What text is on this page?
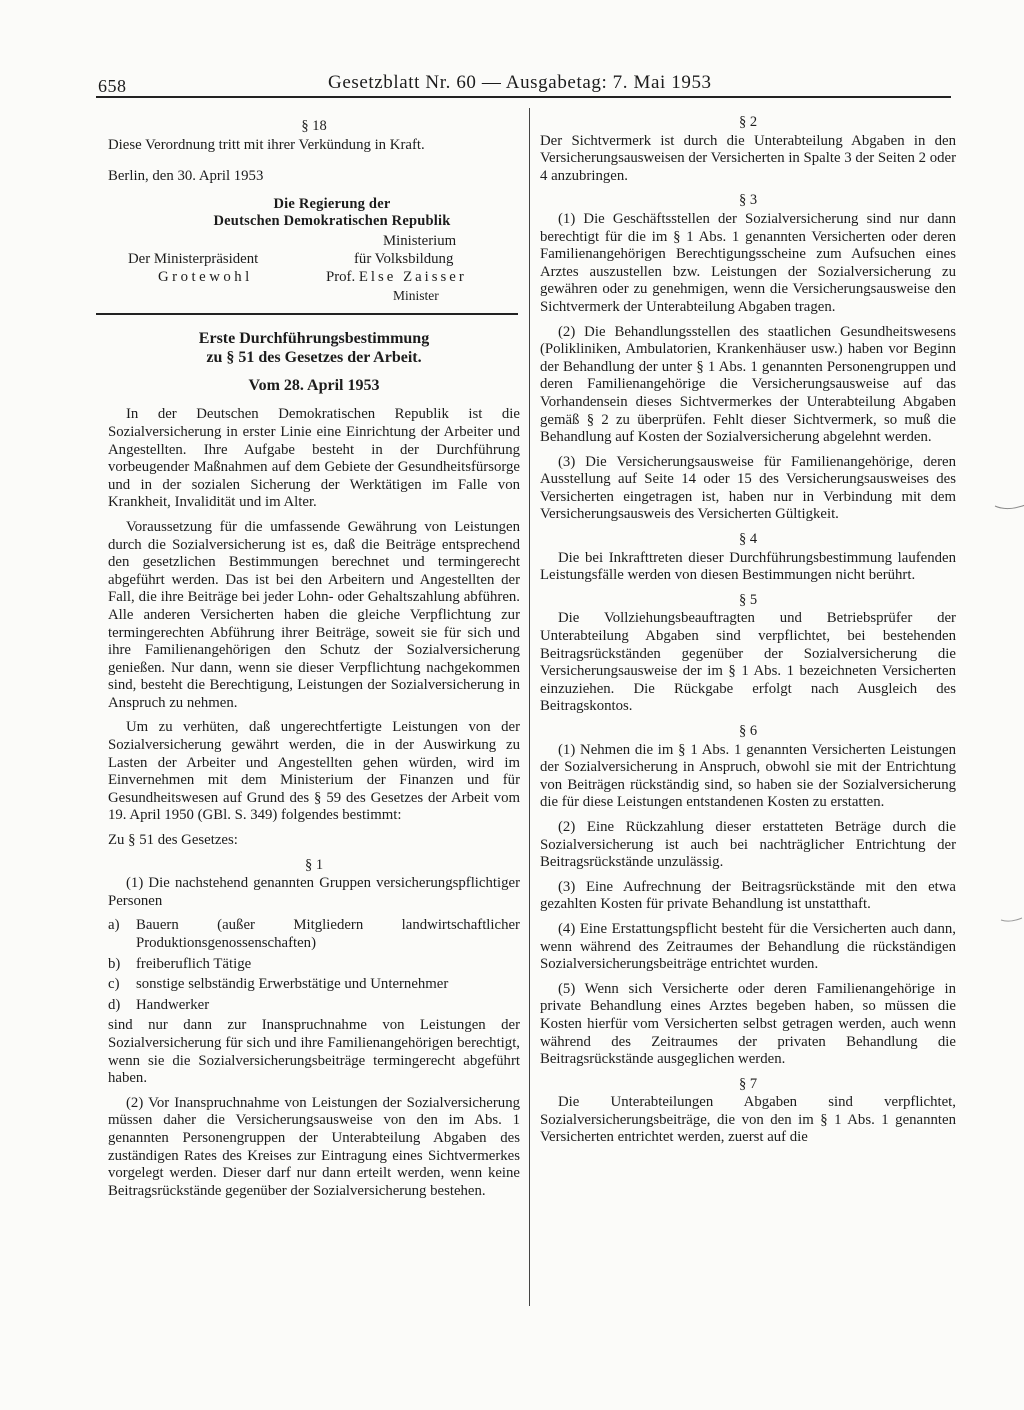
658	Gesetzblatt Nr. 60 — Ausgabetag: 7. Mai 1953
§ 18

Diese Verordnung tritt mit ihrer Verkündung in Kraft.

Berlin, den 30. April 1953

Die Regierung der
Deutschen Demokratischen Republik
Der Ministerpräsident
Grotewohl
Ministerium
für Volksbildung
Prof. Else Zaisser
Minister

Erste Durchführungsbestimmung

zu § 51 des Gesetzes der Arbeit.

Vom 28. April 1953

In der Deutschen Demokratischen Republik ist die Sozialversicherung in erster Linie eine Einrichtung der Arbeiter und Angestellten. Ihre Aufgabe besteht in der Durchführung vorbeugender Maßnahmen auf dem Gebiete der Gesundheitsfürsorge und in der sozialen Sicherung der Werktätigen im Falle von Krankheit, Invalidität und im Alter.

Voraussetzung für die umfassende Gewährung von Leistungen durch die Sozialversicherung ist es, daß die Beiträge entsprechend den gesetzlichen Bestimmungen berechnet und termingerecht abgeführt werden. Das ist bei den Arbeitern und Angestellten der Fall, die ihre Beiträge bei jeder Lohn- oder Gehaltszahlung abführen. Alle anderen Versicherten haben die gleiche Verpflichtung zur termingerechten Abführung ihrer Beiträge, soweit sie für sich und ihre Familienangehörigen den Schutz der Sozialversicherung genießen. Nur dann, wenn sie dieser Verpflichtung nachgekommen sind, besteht die Berechtigung, Leistungen der Sozialversicherung in Anspruch zu nehmen.

Um zu verhüten, daß ungerechtfertigte Leistungen von der Sozialversicherung gewährt werden, die in der Auswirkung zu Lasten der Arbeiter und Angestellten gehen würden, wird im Einvernehmen mit dem Ministerium der Finanzen und für Gesundheitswesen auf Grund des § 59 des Gesetzes der Arbeit vom 19. April 1950 (GBl. S. 349) folgendes bestimmt:

Zu § 51 des Gesetzes:

§ 1

(1) Die nachstehend genannten Gruppen versicherungspflichtiger Personen

a) Bauern (außer Mitgliedern landwirtschaftlicher Produktionsgenossenschaften)

b) freiberuflich Tätige

c) sonstige selbständig Erwerbstätige und Unternehmer

d) Handwerker

sind nur dann zur Inanspruchnahme von Leistungen der Sozialversicherung für sich und ihre Familienangehörigen berechtigt, wenn sie die Sozialversicherungsbeiträge termingerecht abgeführt haben.

(2) Vor Inanspruchnahme von Leistungen der Sozialversicherung müssen daher die Versicherungsausweise von den im Abs. 1 genannten Personengruppen der Unterabteilung Abgaben des zuständigen Rates des Kreises zur Eintragung eines Sichtvermerkes vorgelegt werden. Dieser darf nur dann erteilt werden, wenn keine Beitragsrückstände gegenüber der Sozialversicherung bestehen.

§ 2

Der Sichtvermerk ist durch die Unterabteilung Abgaben in den Versicherungsausweisen der Versicherten in Spalte 3 der Seiten 2 oder 4 anzubringen.

§ 3

(1) Die Geschäftsstellen der Sozialversicherung sind nur dann berechtigt für die im § 1 Abs. 1 genannten Versicherten oder deren Familienangehörigen Berechtigungsscheine zum Aufsuchen eines Arztes auszustellen bzw. Leistungen der Sozialversicherung zu gewähren oder zu genehmigen, wenn die Versicherungsausweise den Sichtvermerk der Unterabteilung Abgaben tragen.

(2) Die Behandlungsstellen des staatlichen Gesundheitswesens (Polikliniken, Ambulatorien, Krankenhäuser usw.) haben vor Beginn der Behandlung der unter § 1 Abs. 1 genannten Personengruppen und deren Familienangehörige die Versicherungsausweise auf das Vorhandensein dieses Sichtvermerkes der Unterabteilung Abgaben gemäß § 2 zu überprüfen. Fehlt dieser Sichtvermerk, so muß die Behandlung auf Kosten der Sozialversicherung abgelehnt werden.

(3) Die Versicherungsausweise für Familienangehörige, deren Ausstellung auf Seite 14 oder 15 des Versicherungsausweises des Versicherten eingetragen ist, haben nur in Verbindung mit dem Versicherungsausweis des Versicherten Gültigkeit.

§ 4

Die bei Inkrafttreten dieser Durchführungsbestimmung laufenden Leistungsfälle werden von diesen Bestimmungen nicht berührt.

§ 5

Die Vollziehungsbeauftragten und Betriebsprüfer der Unterabteilung Abgaben sind verpflichtet, bei bestehenden Beitragsrückständen gegenüber der Sozialversicherung die Versicherungsausweise der im § 1 Abs. 1 bezeichneten Versicherten einzuziehen. Die Rückgabe erfolgt nach Ausgleich des Beitragskontos.

§ 6

(1) Nehmen die im § 1 Abs. 1 genannten Versicherten Leistungen der Sozialversicherung in Anspruch, obwohl sie mit der Entrichtung von Beiträgen rückständig sind, so haben sie der Sozialversicherung die für diese Leistungen entstandenen Kosten zu erstatten.

(2) Eine Rückzahlung dieser erstatteten Beträge durch die Sozialversicherung ist auch bei nachträglicher Entrichtung der Beitragsrückstände unzulässig.

(3) Eine Aufrechnung der Beitragsrückstände mit den etwa gezahlten Kosten für private Behandlung ist unstatthaft.

(4) Eine Erstattungspflicht besteht für die Versicherten auch dann, wenn während des Zeitraumes der Behandlung die rückständigen Sozialversicherungsbeiträge entrichtet wurden.

(5) Wenn sich Versicherte oder deren Familienangehörige in private Behandlung eines Arztes begeben haben, so müssen die Kosten hierfür vom Versicherten selbst getragen werden, auch wenn während des Zeitraumes der privaten Behandlung die Beitragsrückstände ausgeglichen werden.

§ 7

Die Unterabteilungen Abgaben sind verpflichtet, Sozialversicherungsbeiträge, die von den im § 1 Abs. 1 genannten Versicherten entrichtet werden, zuerst auf die
